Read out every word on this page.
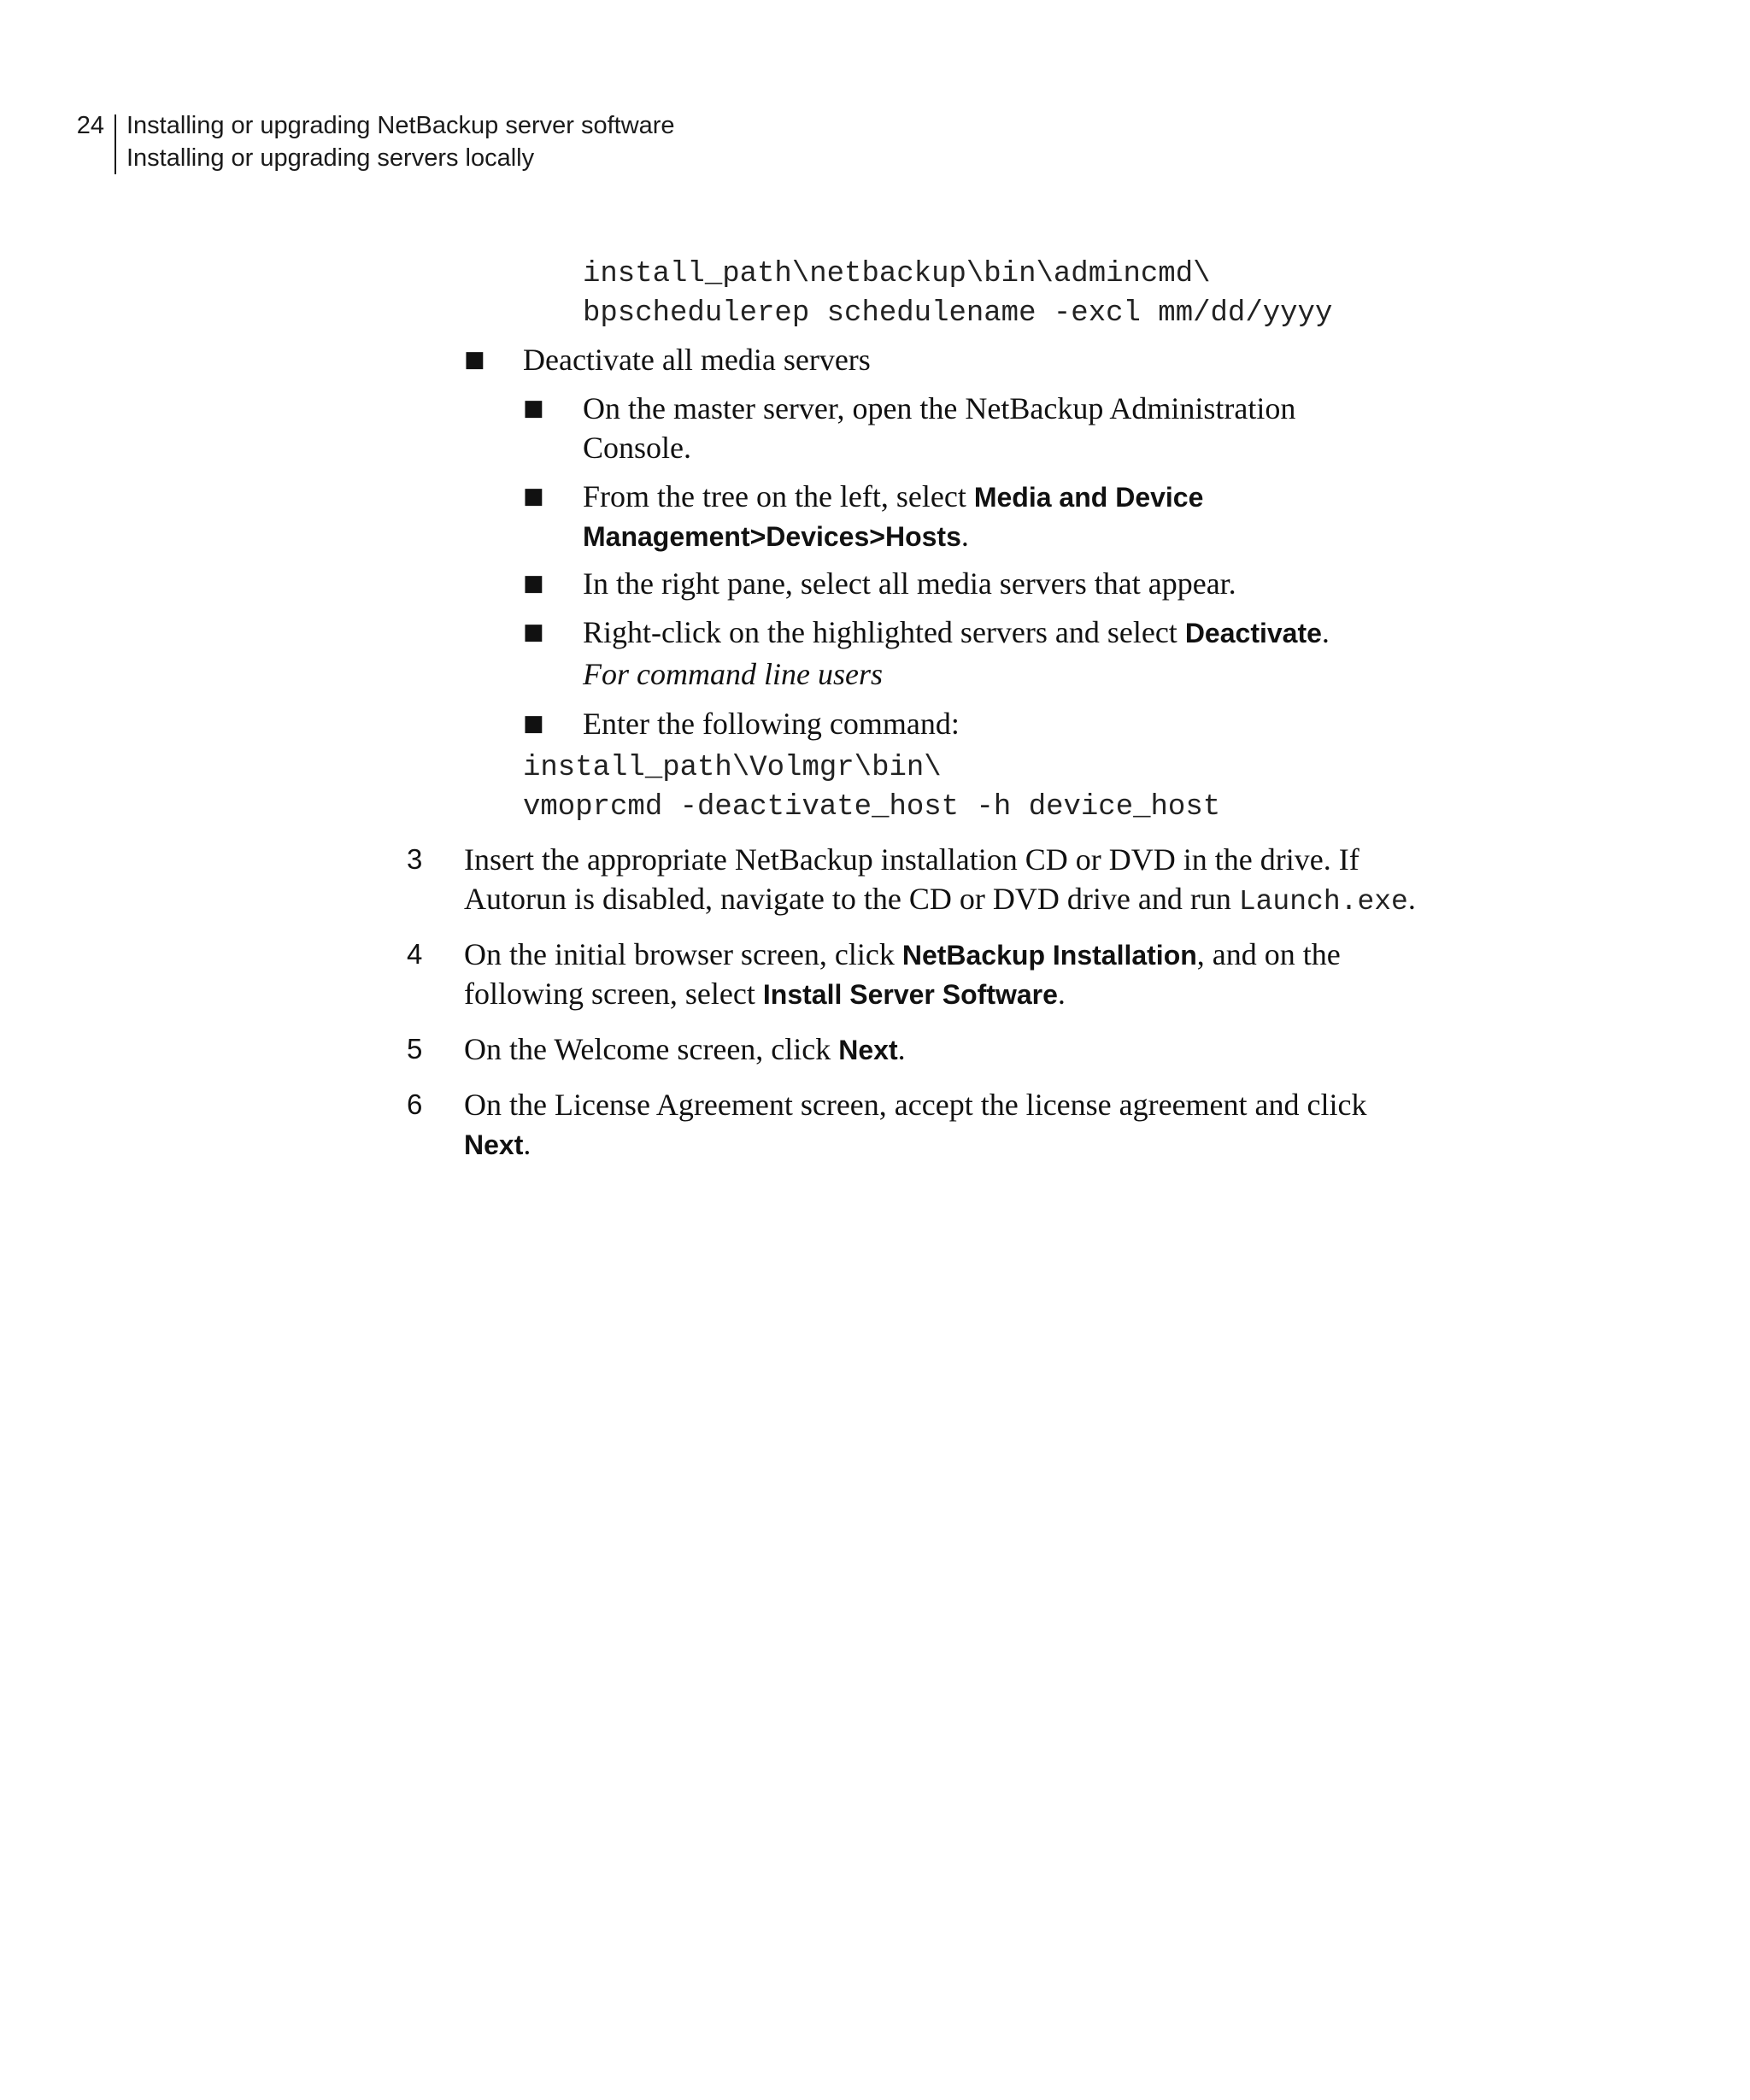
24 Installing or upgrading NetBackup server software
Installing or upgrading servers locally
install_path\netbackup\bin\admincmd\
bpschedulerep schedulename -excl mm/dd/yyyy
■ Deactivate all media servers
■ On the master server, open the NetBackup Administration
Console.
■ From the tree on the left, select Media and Device
Management>Devices>Hosts.
■ In the right pane, select all media servers that appear.
■ Right-click on the highlighted servers and select Deactivate.
For command line users
■ Enter the following command:
install_path\Volmgr\bin\
vmoprcmd -deactivate_host -h device_host
3 Insert the appropriate NetBackup installation CD or DVD in the drive. If
Autorun is disabled, navigate to the CD or DVD drive and run Launch.exe.
4 On the initial browser screen, click NetBackup Installation, and on the
following screen, select Install Server Software.
5 On the Welcome screen, click Next.
6 On the License Agreement screen, accept the license agreement and click
Next.
